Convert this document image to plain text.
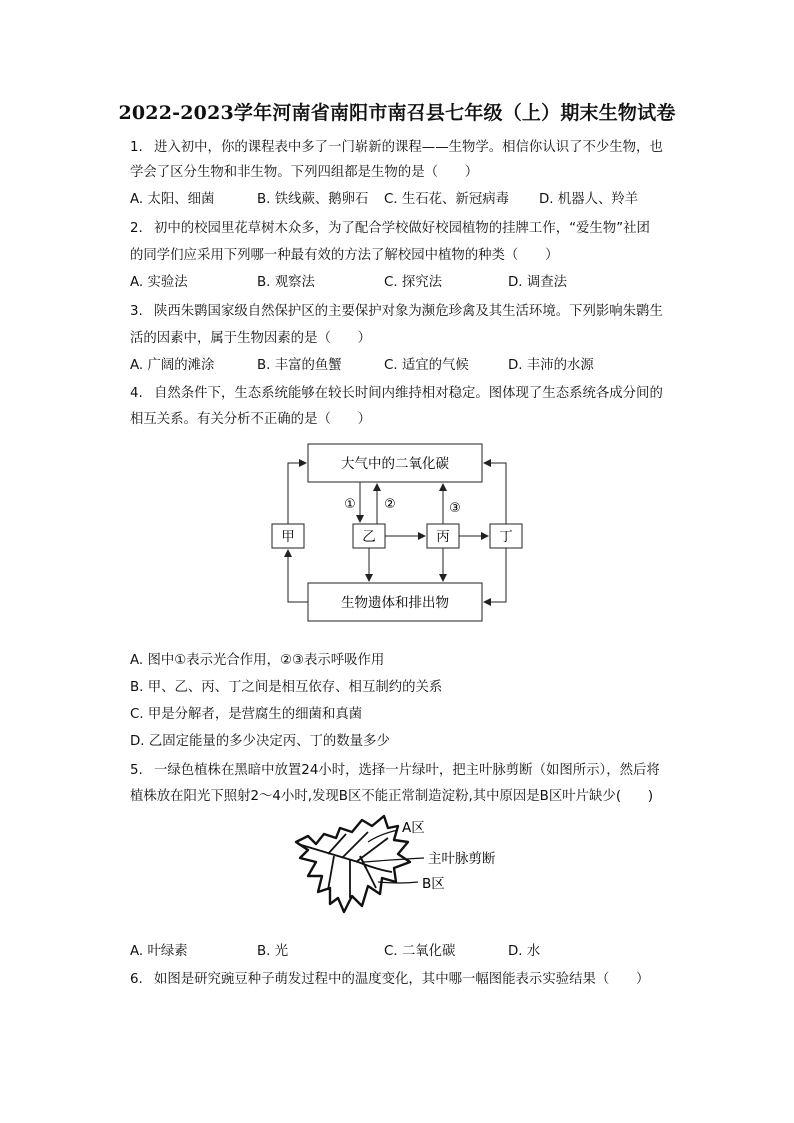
2022-2023学年河南省南阳市南召县七年级（上）期末生物试卷
1. 进入初中，你的课程表中多了一门崭新的课程——生物学。相信你认识了不少生物，也
学会了区分生物和非生物。下列四组都是生物的是（　　）
A. 太阳、细菌	B. 铁线蕨、鹅卵石 C. 生石花、新冠病毒 D. 机器人、羚羊
2. 初中的校园里花草树木众多，为了配合学校做好校园植物的挂牌工作，“爱生物”社团
的同学们应采用下列哪一种最有效的方法了解校园中植物的种类（　　）
A. 实验法	B. 观察法	C. 探究法	D. 调查法
3. 陕西朱鹮国家级自然保护区的主要保护对象为濒危珍禽及其生活环境。下列影响朱鹮生
活的因素中，属于生物因素的是（　　）
A. 广阔的滩涂	B. 丰富的鱼蟹	C. 适宜的气候	D. 丰沛的水源
4. 自然条件下，生态系统能够在较长时间内维持相对稳定。图体现了生态系统各成分间的
相互关系。有关分析不正确的是（　　）
大气中的二氧化碳
生物遗体和排出物
甲	乙	丙	丁
① ②	③
A. 图中①表示光合作用，②③表示呼吸作用
B. 甲、乙、丙、丁之间是相互依存、相互制约的关系
C. 甲是分解者，是营腐生的细菌和真菌
D. 乙固定能量的多少决定丙、丁的数量多少
5. 一绿色植株在黑暗中放置24小时，选择一片绿叶，把主叶脉剪断（如图所示），然后将
植株放在阳光下照射2～4小时,发现B区不能正常制造淀粉,其中原因是B区叶片缺少(　　)
A区
主叶脉剪断
B区
A. 叶绿素	B. 光	C. 二氧化碳	D. 水
6. 如图是研究豌豆种子萌发过程中的温度变化，其中哪一幅图能表示实验结果（　　）
